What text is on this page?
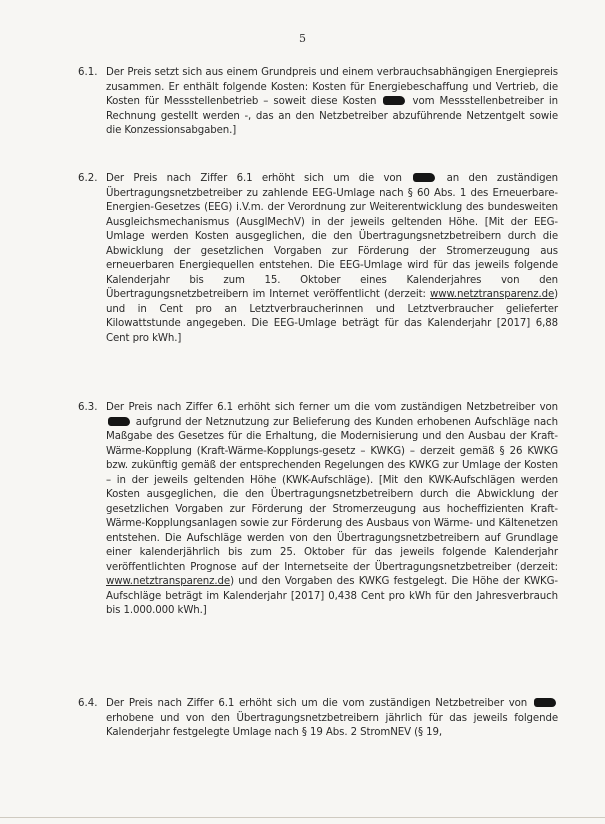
5
6.1. Der Preis setzt sich aus einem Grundpreis und einem verbrauchsabhängigen Energiepreis zusammen. Er enthält folgende Kosten: Kosten für Energiebeschaffung und Vertrieb, die Kosten für Messstellenbetrieb – soweit diese Kosten	vom Messstellenbetreiber in Rechnung gestellt werden -, das an den Netzbetreiber abzuführende Netzentgelt sowie die Konzessionsabgaben.]
6.2. Der Preis nach Ziffer 6.1 erhöht sich um die von	an den zuständigen Übertragungsnetzbetreiber zu zahlende EEG-Umlage nach § 60 Abs. 1 des Erneuerbare-Energien-Gesetzes (EEG) i.V.m. der Verordnung zur Weiterentwicklung des bundesweiten Ausgleichsmechanismus (AusglMechV) in der jeweils geltenden Höhe. [Mit der EEG-Umlage werden Kosten ausgeglichen, die den Übertragungsnetzbetreibern durch die Abwicklung der gesetzlichen Vorgaben zur Förderung der Stromerzeugung aus erneuerbaren Energiequellen entstehen. Die EEG-Umlage wird für das jeweils folgende Kalenderjahr bis zum 15. Oktober eines Kalenderjahres von den Übertragungsnetzbetreibern im Internet veröffentlicht (derzeit: www.netztransparenz.de) und in Cent pro an Letztverbraucherinnen und Letztverbraucher gelieferter Kilowattstunde angegeben. Die EEG-Umlage beträgt für das Kalenderjahr [2017] 6,88 Cent pro kWh.]
6.3. Der Preis nach Ziffer 6.1 erhöht sich ferner um die vom zuständigen Netzbetreiber von  aufgrund der Netznutzung zur Belieferung des Kunden erhobenen Aufschläge nach Maßgabe des Gesetzes für die Erhaltung, die Modernisierung und den Ausbau der Kraft-Wärme-Kopplung (Kraft-Wärme-Kopplungs-gesetz – KWKG) – derzeit gemäß § 26 KWKG bzw. zukünftig gemäß der entsprechenden Regelungen des KWKG zur Umlage der Kosten – in der jeweils geltenden Höhe (KWK-Aufschläge). [Mit den KWK-Aufschlägen werden Kosten ausgeglichen, die den Übertragungsnetzbetreibern durch die Abwicklung der gesetzlichen Vorgaben zur Förderung der Stromerzeugung aus hocheffizienten Kraft-Wärme-Kopplungsanlagen sowie zur Förderung des Ausbaus von Wärme- und Kältenetzen entstehen. Die Aufschläge werden von den Übertragungsnetzbetreibern auf Grundlage einer kalenderjährlich bis zum 25. Oktober für das jeweils folgende Kalenderjahr veröffentlichten Prognose auf der Internetseite der Übertragungsnetzbetreiber (derzeit: www.netztransparenz.de) und den Vorgaben des KWKG festgelegt. Die Höhe der KWKG-Aufschläge beträgt im Kalenderjahr [2017] 0,438 Cent pro kWh für den Jahresverbrauch bis 1.000.000 kWh.]
6.4. Der Preis nach Ziffer 6.1 erhöht sich um die vom zuständigen Netzbetreiber von  erhobene und von den Übertragungsnetzbetreibern jährlich für das jeweils folgende Kalenderjahr festgelegte Umlage nach § 19 Abs. 2 StromNEV (§ 19,
